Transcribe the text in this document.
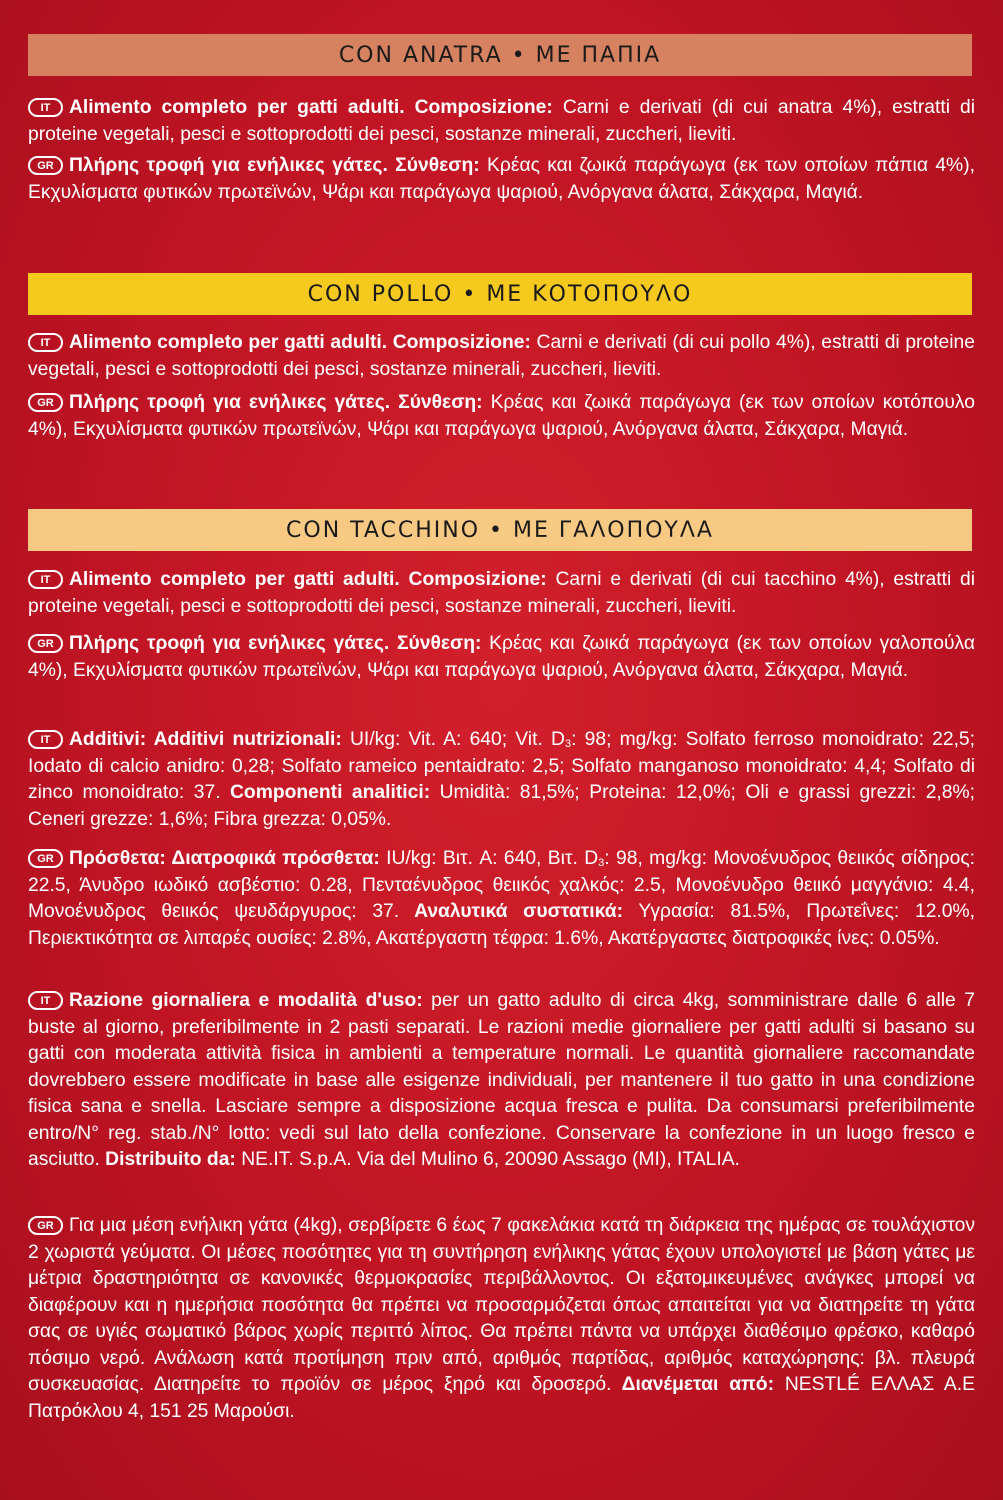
CON ANATRA • ΜΕ ΠΑΠΙΑ

IT Alimento completo per gatti adulti. Composizione: Carni e derivati (di cui anatra 4%), estratti di proteine vegetali, pesci e sottoprodotti dei pesci, sostanze minerali, zuccheri, lieviti.

GR Πλήρης τροφή για ενήλικες γάτες. Σύνθεση: Κρέας και ζωικά παράγωγα (εκ των οποίων πάπια 4%), Εκχυλίσματα φυτικών πρωτεϊνών, Ψάρι και παράγωγα ψαριού, Ανόργανα άλατα, Σάκχαρα, Μαγιά.

CON POLLO • ΜΕ ΚΟΤΟΠΟΥΛΟ

IT Alimento completo per gatti adulti. Composizione: Carni e derivati (di cui pollo 4%), estratti di proteine vegetali, pesci e sottoprodotti dei pesci, sostanze minerali, zuccheri, lieviti.

GR Πλήρης τροφή για ενήλικες γάτες. Σύνθεση: Κρέας και ζωικά παράγωγα (εκ των οποίων κοτόπουλο 4%), Εκχυλίσματα φυτικών πρωτεϊνών, Ψάρι και παράγωγα ψαριού, Ανόργανα άλατα, Σάκχαρα, Μαγιά.

CON TACCHINO • ΜΕ ΓΑΛΟΠΟΥΛΑ

IT Alimento completo per gatti adulti. Composizione: Carni e derivati (di cui tacchino 4%), estratti di proteine vegetali, pesci e sottoprodotti dei pesci, sostanze minerali, zuccheri, lieviti.

GR Πλήρης τροφή για ενήλικες γάτες. Σύνθεση: Κρέας και ζωικά παράγωγα (εκ των οποίων γαλοπούλα 4%), Εκχυλίσματα φυτικών πρωτεϊνών, Ψάρι και παράγωγα ψαριού, Ανόργανα άλατα, Σάκχαρα, Μαγιά.

IT Additivi: Additivi nutrizionali: UI/kg: Vit. A: 640; Vit. $D_3$: 98; mg/kg: Solfato ferroso monoidrato: 22,5; Iodato di calcio anidro: 0,28; Solfato rameico pentaidrato: 2,5; Solfato manganoso monoidrato: 4,4; Solfato di zinco monoidrato: 37. Componenti analitici: Umidità: 81,5%; Proteina: 12,0%; Oli e grassi grezzi: 2,8%; Ceneri grezze: 1,6%; Fibra grezza: 0,05%.

GR Πρόσθετα: Διατροφικά πρόσθετα: IU/kg: Βιτ. A: 640, Βιτ. $D_3$: 98, mg/kg: Μονοένυδρος θειικός σίδηρος: 22.5, Άνυδρο ιωδικό ασβέστιο: 0.28, Πενταένυδρος θειικός χαλκός: 2.5, Μονοένυδρο θειικό μαγγάνιο: 4.4, Μονοένυδρος θειικός ψευδάργυρος: 37. Αναλυτικά συστατικά: Υγρασία: 81.5%, Πρωτεΐνες: 12.0%, Περιεκτικότητα σε λιπαρές ουσίες: 2.8%, Ακατέργαστη τέφρα: 1.6%, Ακατέργαστες διατροφικές ίνες: 0.05%.

IT Razione giornaliera e modalità d'uso: per un gatto adulto di circa 4kg, somministrare dalle 6 alle 7 buste al giorno, preferibilmente in 2 pasti separati. Le razioni medie giornaliere per gatti adulti si basano su gatti con moderata attività fisica in ambienti a temperature normali. Le quantità giornaliere raccomandate dovrebbero essere modificate in base alle esigenze individuali, per mantenere il tuo gatto in una condizione fisica sana e snella. Lasciare sempre a disposizione acqua fresca e pulita. Da consumarsi preferibilmente entro/N° reg. stab./N° lotto: vedi sul lato della confezione. Conservare la confezione in un luogo fresco e asciutto. Distribuito da: NE.IT. S.p.A. Via del Mulino 6, 20090 Assago (MI), ITALIA.

GR Για μια μέση ενήλικη γάτα (4kg), σερβίρετε 6 έως 7 φακελάκια κατά τη διάρκεια της ημέρας σε τουλάχιστον 2 χωριστά γεύματα. Οι μέσες ποσότητες για τη συντήρηση ενήλικης γάτας έχουν υπολογιστεί με βάση γάτες με μέτρια δραστηριότητα σε κανονικές θερμοκρασίες περιβάλλοντος. Οι εξατομικευμένες ανάγκες μπορεί να διαφέρουν και η ημερήσια ποσότητα θα πρέπει να προσαρμόζεται όπως απαιτείται για να διατηρείτε τη γάτα σας σε υγιές σωματικό βάρος χωρίς περιττό λίπος. Θα πρέπει πάντα να υπάρχει διαθέσιμο φρέσκο, καθαρό πόσιμο νερό. Ανάλωση κατά προτίμηση πριν από, αριθμός παρτίδας, αριθμός καταχώρησης: βλ. πλευρά συσκευασίας. Διατηρείτε το προϊόν σε μέρος ξηρό και δροσερό. Διανέμεται από: NESTLÉ ΕΛΛΑΣ Α.Ε Πατρόκλου 4, 151 25 Μαρούσι.
